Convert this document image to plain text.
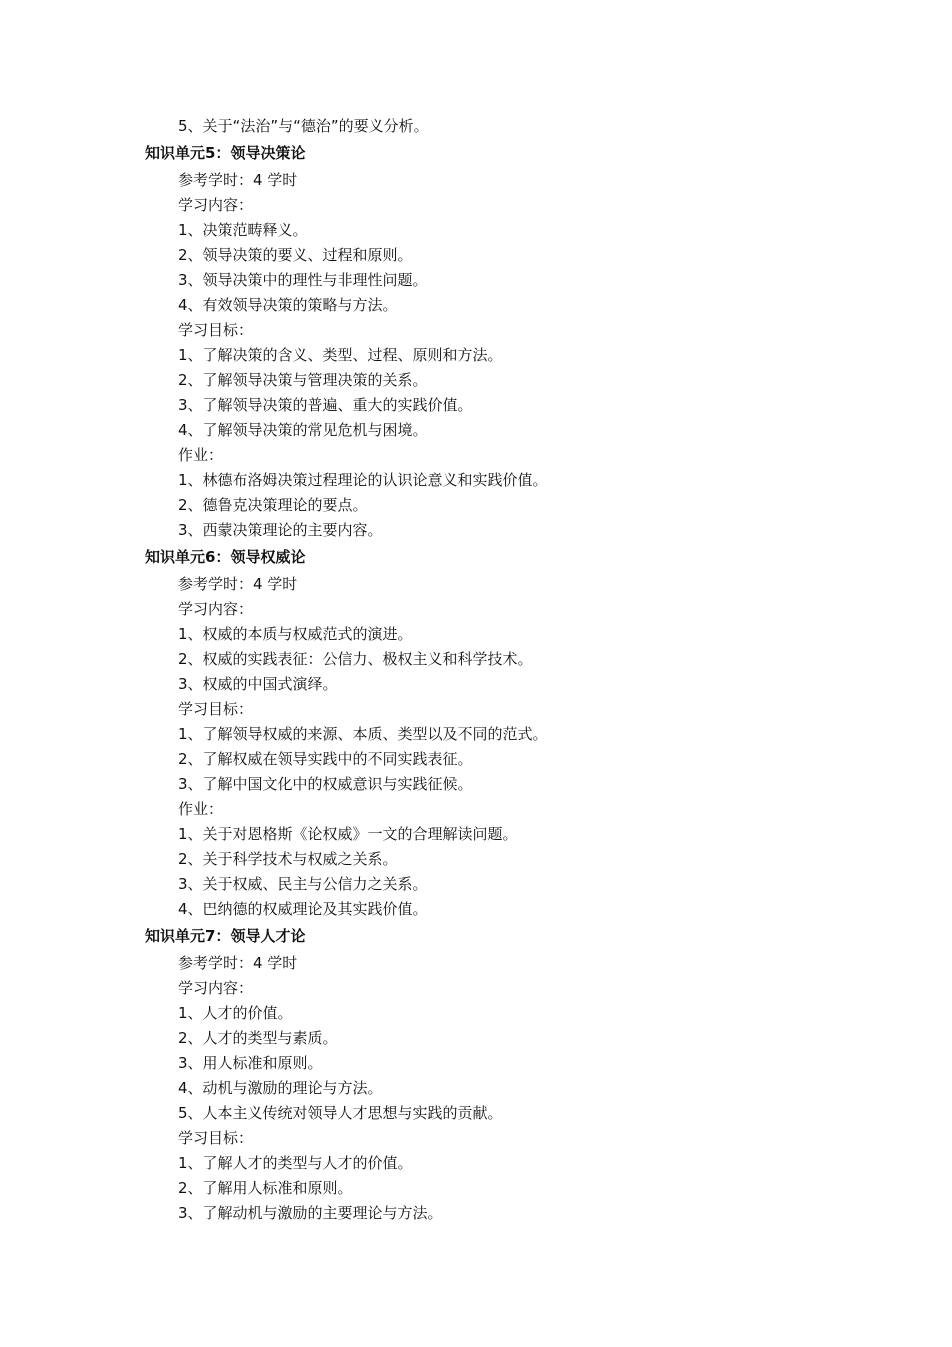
5、关于“法治”与“德治”的要义分析。
知识单元5：领导决策论
参考学时：4 学时
学习内容：
1、决策范畴释义。
2、领导决策的要义、过程和原则。
3、领导决策中的理性与非理性问题。
4、有效领导决策的策略与方法。
学习目标：
1、了解决策的含义、类型、过程、原则和方法。
2、了解领导决策与管理决策的关系。
3、了解领导决策的普遍、重大的实践价值。
4、了解领导决策的常见危机与困境。
作业：
1、林德布洛姆决策过程理论的认识论意义和实践价值。
2、德鲁克决策理论的要点。
3、西蒙决策理论的主要内容。
知识单元6：领导权威论
参考学时：4 学时
学习内容：
1、权威的本质与权威范式的演进。
2、权威的实践表征：公信力、极权主义和科学技术。
3、权威的中国式演绎。
学习目标：
1、了解领导权威的来源、本质、类型以及不同的范式。
2、了解权威在领导实践中的不同实践表征。
3、了解中国文化中的权威意识与实践征候。
作业：
1、关于对恩格斯《论权威》一文的合理解读问题。
2、关于科学技术与权威之关系。
3、关于权威、民主与公信力之关系。
4、巴纳德的权威理论及其实践价值。
知识单元7：领导人才论
参考学时：4 学时
学习内容：
1、人才的价值。
2、人才的类型与素质。
3、用人标准和原则。
4、动机与激励的理论与方法。
5、人本主义传统对领导人才思想与实践的贡献。
学习目标：
1、了解人才的类型与人才的价值。
2、了解用人标准和原则。
3、了解动机与激励的主要理论与方法。
